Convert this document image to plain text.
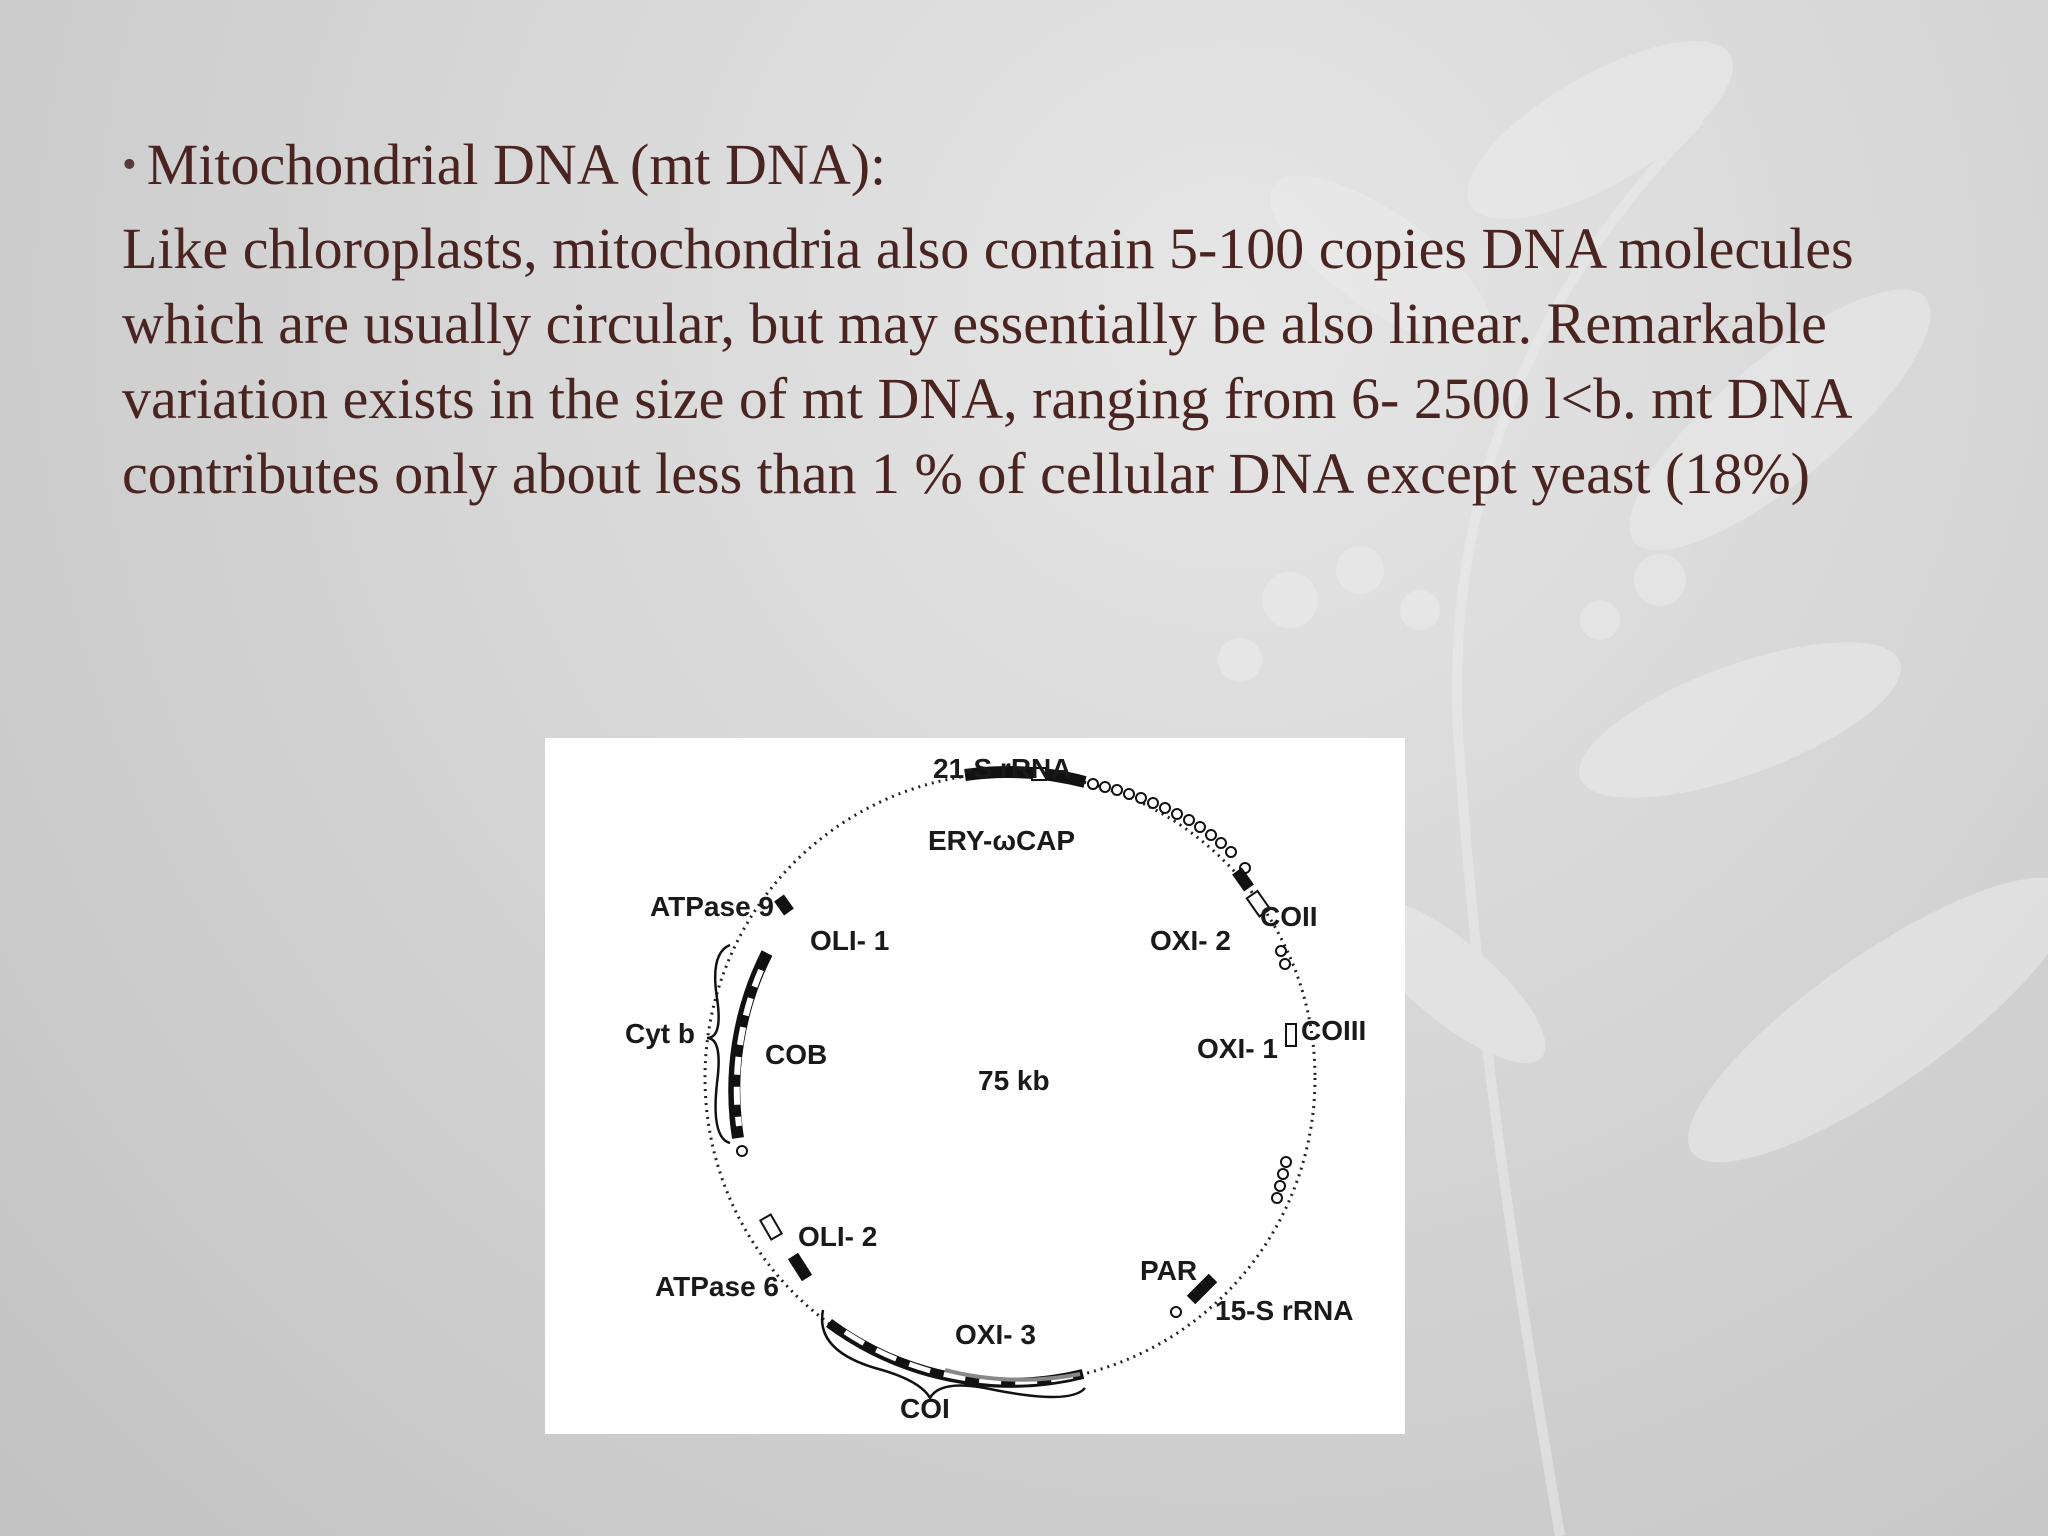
• Mitochondrial DNA (mt DNA):

Like chloroplasts, mitochondria also contain 5-100 copies DNA molecules which are usually circular, but may essentially be also linear. Remarkable variation exists in the size of mt DNA, ranging from 6- 2500 l<b. mt DNA contributes only about less than 1 % of cellular DNA except yeast (18%)

21-S rRNA
ERY-ωCAP
COII
OXI- 2
ATPase 9
OLI- 1
COIII
OXI- 1
Cyt b
COB
75 kb
OLI- 2
ATPase 6
PAR
15-S rRNA
OXI- 3
COI
